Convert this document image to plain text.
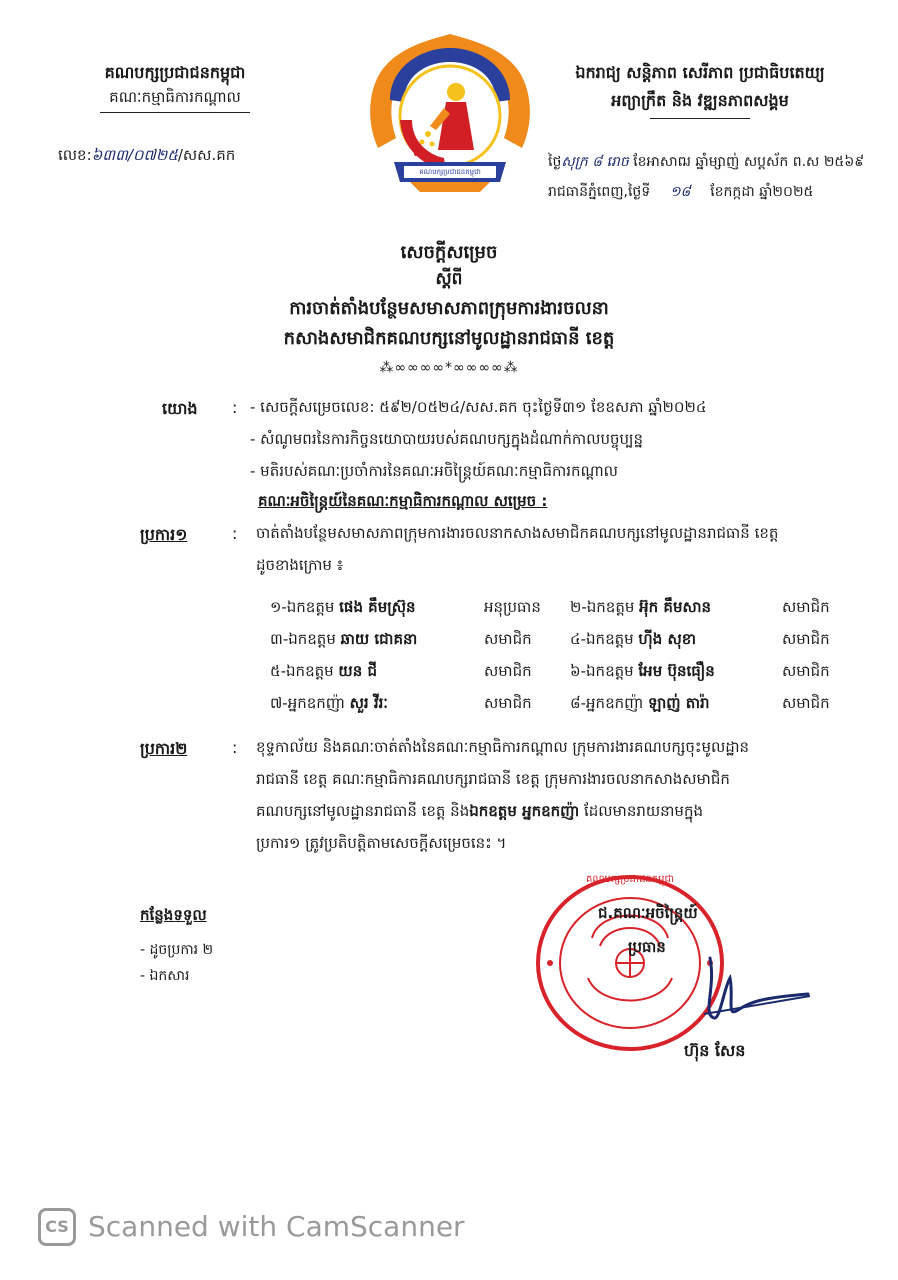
គណបក្សប្រជាជនកម្ពុជា
គណៈកម្មាធិការកណ្តាល
លេខ:៦៣៣/០៧២៥/សស.គក
គណបក្សប្រជាជនកម្ពុជា
ឯករាជ្យ សន្តិភាព សេរីភាព ប្រជាធិបតេយ្យ
អព្យាក្រឹត និង វឌ្ឍនភាពសង្គម
ថ្ងៃសុក្រ ៨ រោច ខែអាសាឍ ឆ្នាំម្សាញ់ សប្តស័ក ព.ស ២៥៦៩
រាជធានីភ្នំពេញ,ថ្ងៃទី ១៨ ខែកក្កដា ឆ្នាំ២០២៥
សេចក្តីសម្រេច
ស្តីពី
ការចាត់តាំងបន្ថែមសមាសភាពក្រុមការងារចលនា
កសាងសមាជិកគណបក្សនៅមូលដ្ឋានរាជធានី ខេត្ត
⁂∞∞∞∞*∞∞∞∞⁂
យោង : - សេចក្តីសម្រេចលេខ: ៥៩២/០៥២៤/សស.គក ចុះថ្ងៃទី៣១ ខែឧសភា ឆ្នាំ២០២៤
- សំណូមពរនៃការកិច្ចនយោបាយរបស់គណបក្សក្នុងដំណាក់កាលបច្ចុប្បន្ន
- មតិរបស់គណៈប្រចាំការនៃគណៈអចិន្ត្រៃយ៍គណៈកម្មាធិការកណ្តាល
គណៈអចិន្ត្រៃយ៍នៃគណៈកម្មាធិការកណ្តាល សម្រេច :
ប្រការ១	: ចាត់តាំងបន្ថែមសមាសភាពក្រុមការងារចលនាកសាងសមាជិកគណបក្សនៅមូលដ្ឋានរាជធានី ខេត្ត
ដូចខាងក្រោម ៖
១-ឯកឧត្តម ផេង គឹមស្រ៊ុន	អនុប្រធាន ២-ឯកឧត្តម អ៊ុក គឹមសាន	សមាជិក
៣-ឯកឧត្តម ឆាយ ជោគនា	សមាជិក	៤-ឯកឧត្តម ហ៊ីង សុខា	សមាជិក
៥-ឯកឧត្តម យន ជី	សមាជិក	៦-ឯកឧត្តម អែម ប៊ុនធឿន	សមាជិក
៧-អ្នកឧកញ៉ា សួរ វីរៈ	សមាជិក	៨-អ្នកឧកញ៉ា ឡាញ់ តារ៉ា	សមាជិក
ប្រការ២	: ខុទ្ទកាល័យ និងគណៈចាត់តាំងនៃគណៈកម្មាធិការកណ្តាល ក្រុមការងារគណបក្សចុះមូលដ្ឋាន
រាជធានី ខេត្ត គណៈកម្មាធិការគណបក្សរាជធានី ខេត្ត ក្រុមការងារចលនាកសាងសមាជិក
គណបក្សនៅមូលដ្ឋានរាជធានី ខេត្ត និងឯកឧត្តម អ្នកឧកញ៉ា ដែលមានរាយនាមក្នុង
ប្រការ១ ត្រូវប្រតិបត្តិតាមសេចក្តីសម្រេចនេះ ។
កន្លែងទទួល
- ដូចប្រការ ២
- ឯកសារ
គណបក្សប្រជាជនកម្ពុជា
ជ.គណៈអចិន្ត្រៃយ៍
ប្រធាន
ហ៊ុន សែន
CS Scanned with CamScanner
